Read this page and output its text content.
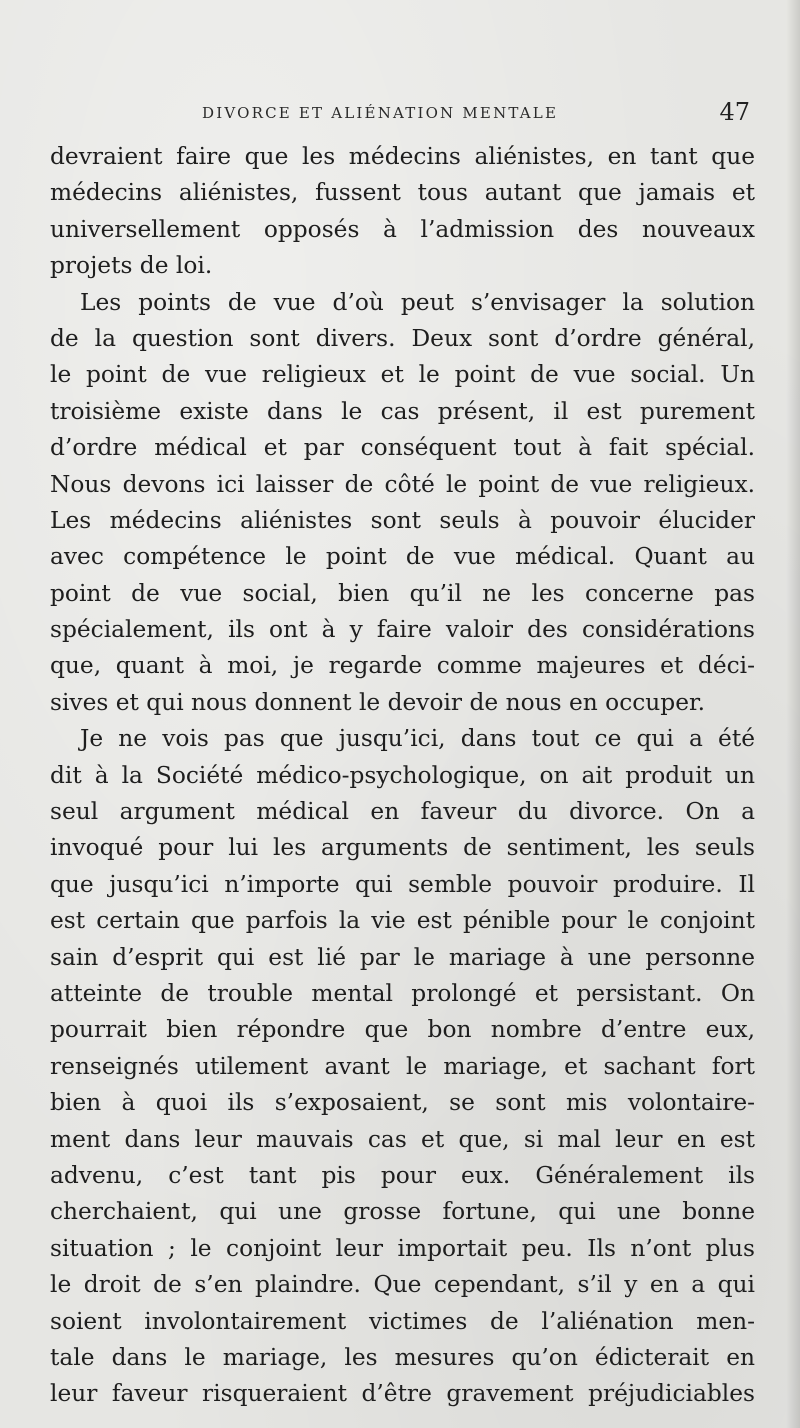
DIVORCE ET ALIÉNATION MENTALE	47
devraient faire que les médecins aliénistes, en tant que
médecins aliénistes, fussent tous autant que jamais et
universellement opposés à l’admission des nouveaux
projets de loi.
Les points de vue d’où peut s’envisager la solution
de la question sont divers. Deux sont d’ordre général,
le point de vue religieux et le point de vue social. Un
troisième existe dans le cas présent, il est purement
d’ordre médical et par conséquent tout à fait spécial.
Nous devons ici laisser de côté le point de vue religieux.
Les médecins aliénistes sont seuls à pouvoir élucider
avec compétence le point de vue médical. Quant au
point de vue social, bien qu’il ne les concerne pas
spécialement, ils ont à y faire valoir des considérations
que, quant à moi, je regarde comme majeures et déci-
sives et qui nous donnent le devoir de nous en occuper.
Je ne vois pas que jusqu’ici, dans tout ce qui a été
dit à la Société médico-psychologique, on ait produit un
seul argument médical en faveur du divorce. On a
invoqué pour lui les arguments de sentiment, les seuls
que jusqu’ici n’importe qui semble pouvoir produire. Il
est certain que parfois la vie est pénible pour le conjoint
sain d’esprit qui est lié par le mariage à une personne
atteinte de trouble mental prolongé et persistant. On
pourrait bien répondre que bon nombre d’entre eux,
renseignés utilement avant le mariage, et sachant fort
bien à quoi ils s’exposaient, se sont mis volontaire-
ment dans leur mauvais cas et que, si mal leur en est
advenu, c’est tant pis pour eux. Généralement ils
cherchaient, qui une grosse fortune, qui une bonne
situation ; le conjoint leur importait peu. Ils n’ont plus
le droit de s’en plaindre. Que cependant, s’il y en a qui
soient involontairement victimes de l’aliénation men-
tale dans le mariage, les mesures qu’on édicterait en
leur faveur risqueraient d’être gravement préjudiciables
